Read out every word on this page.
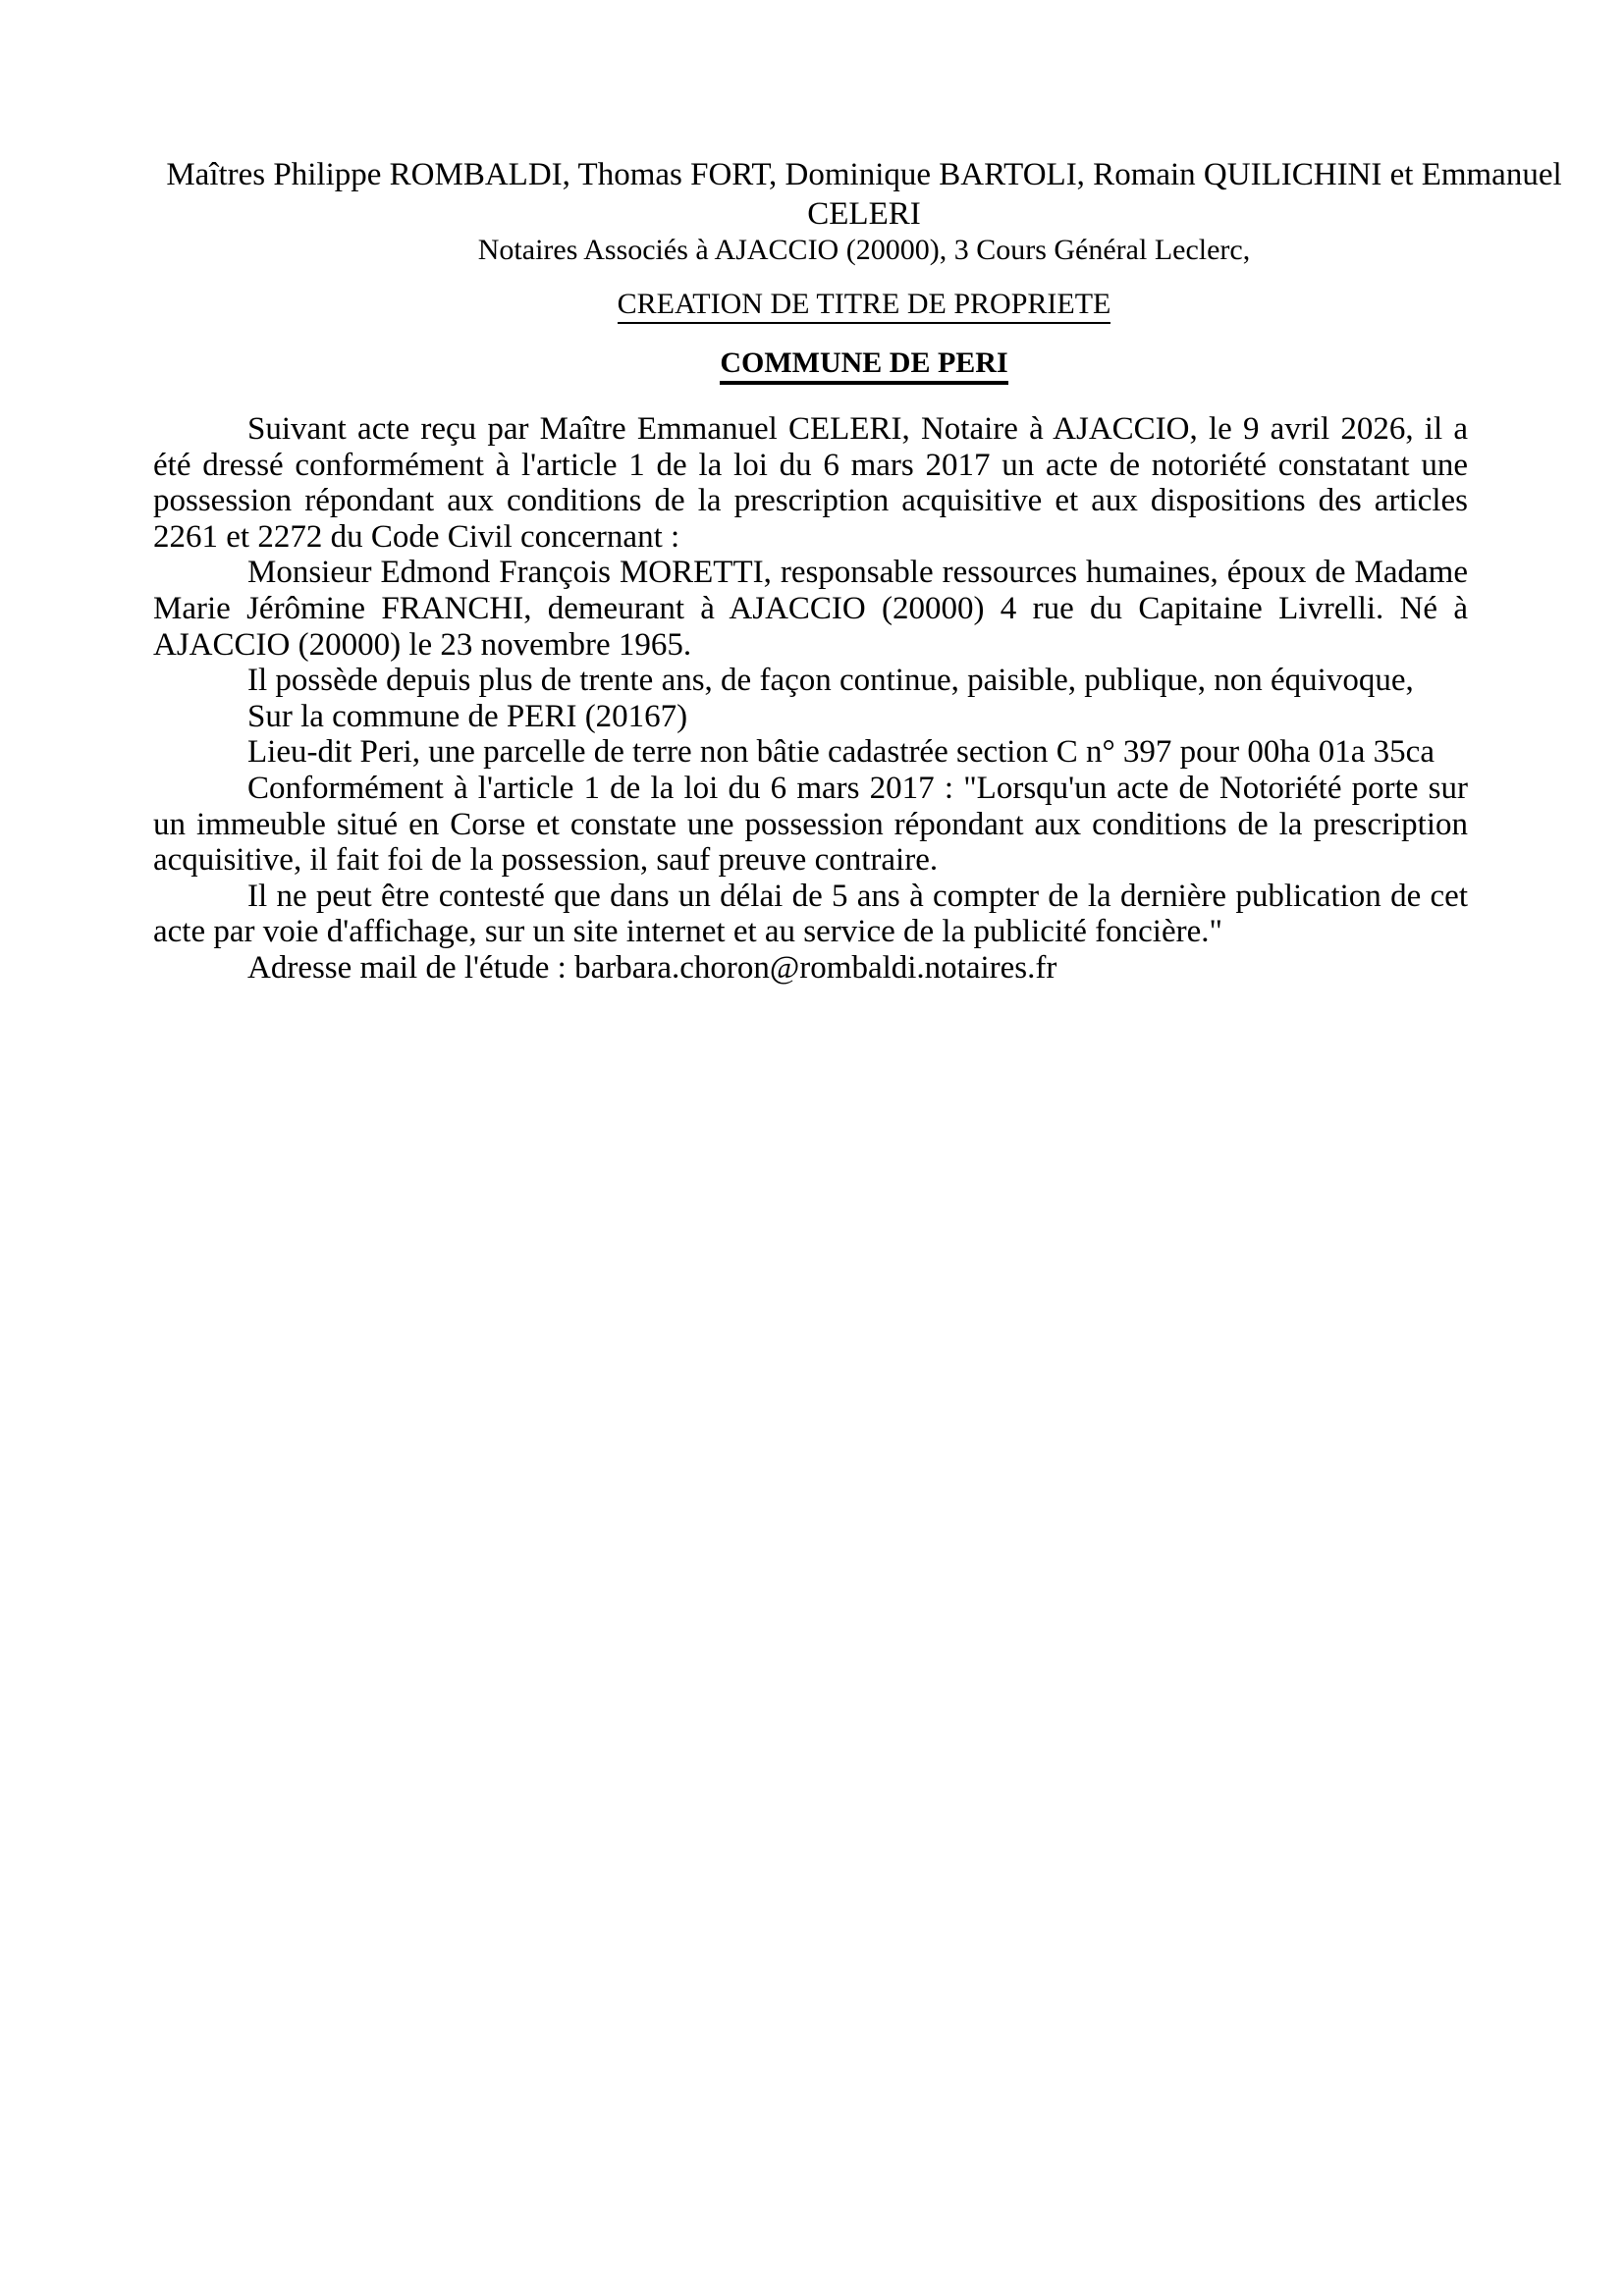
Maîtres Philippe ROMBALDI, Thomas FORT, Dominique BARTOLI, Romain QUILICHINI et Emmanuel CELERI

Notaires Associés à AJACCIO (20000), 3 Cours Général Leclerc,

CREATION DE TITRE DE PROPRIETE

COMMUNE DE PERI

Suivant acte reçu par Maître Emmanuel CELERI, Notaire à AJACCIO, le 9 avril 2026, il a été dressé conformément à l'article 1 de la loi du 6 mars 2017 un acte de notoriété constatant une possession répondant aux conditions de la prescription acquisitive et aux dispositions des articles 2261 et 2272 du Code Civil concernant :

Monsieur Edmond François MORETTI, responsable ressources humaines, époux de Madame Marie Jérômine FRANCHI, demeurant à AJACCIO (20000) 4 rue du Capitaine Livrelli. Né à AJACCIO (20000) le 23 novembre 1965.

Il possède depuis plus de trente ans, de façon continue, paisible, publique, non équivoque,

Sur la commune de PERI (20167)

Lieu-dit Peri, une parcelle de terre non bâtie cadastrée section C n° 397 pour 00ha 01a 35ca

Conformément à l'article 1 de la loi du 6 mars 2017 : "Lorsqu'un acte de Notoriété porte sur un immeuble situé en Corse et constate une possession répondant aux conditions de la prescription acquisitive, il fait foi de la possession, sauf preuve contraire.

Il ne peut être contesté que dans un délai de 5 ans à compter de la dernière publication de cet acte par voie d'affichage, sur un site internet et au service de la publicité foncière."

Adresse mail de l'étude : barbara.choron@rombaldi.notaires.fr
